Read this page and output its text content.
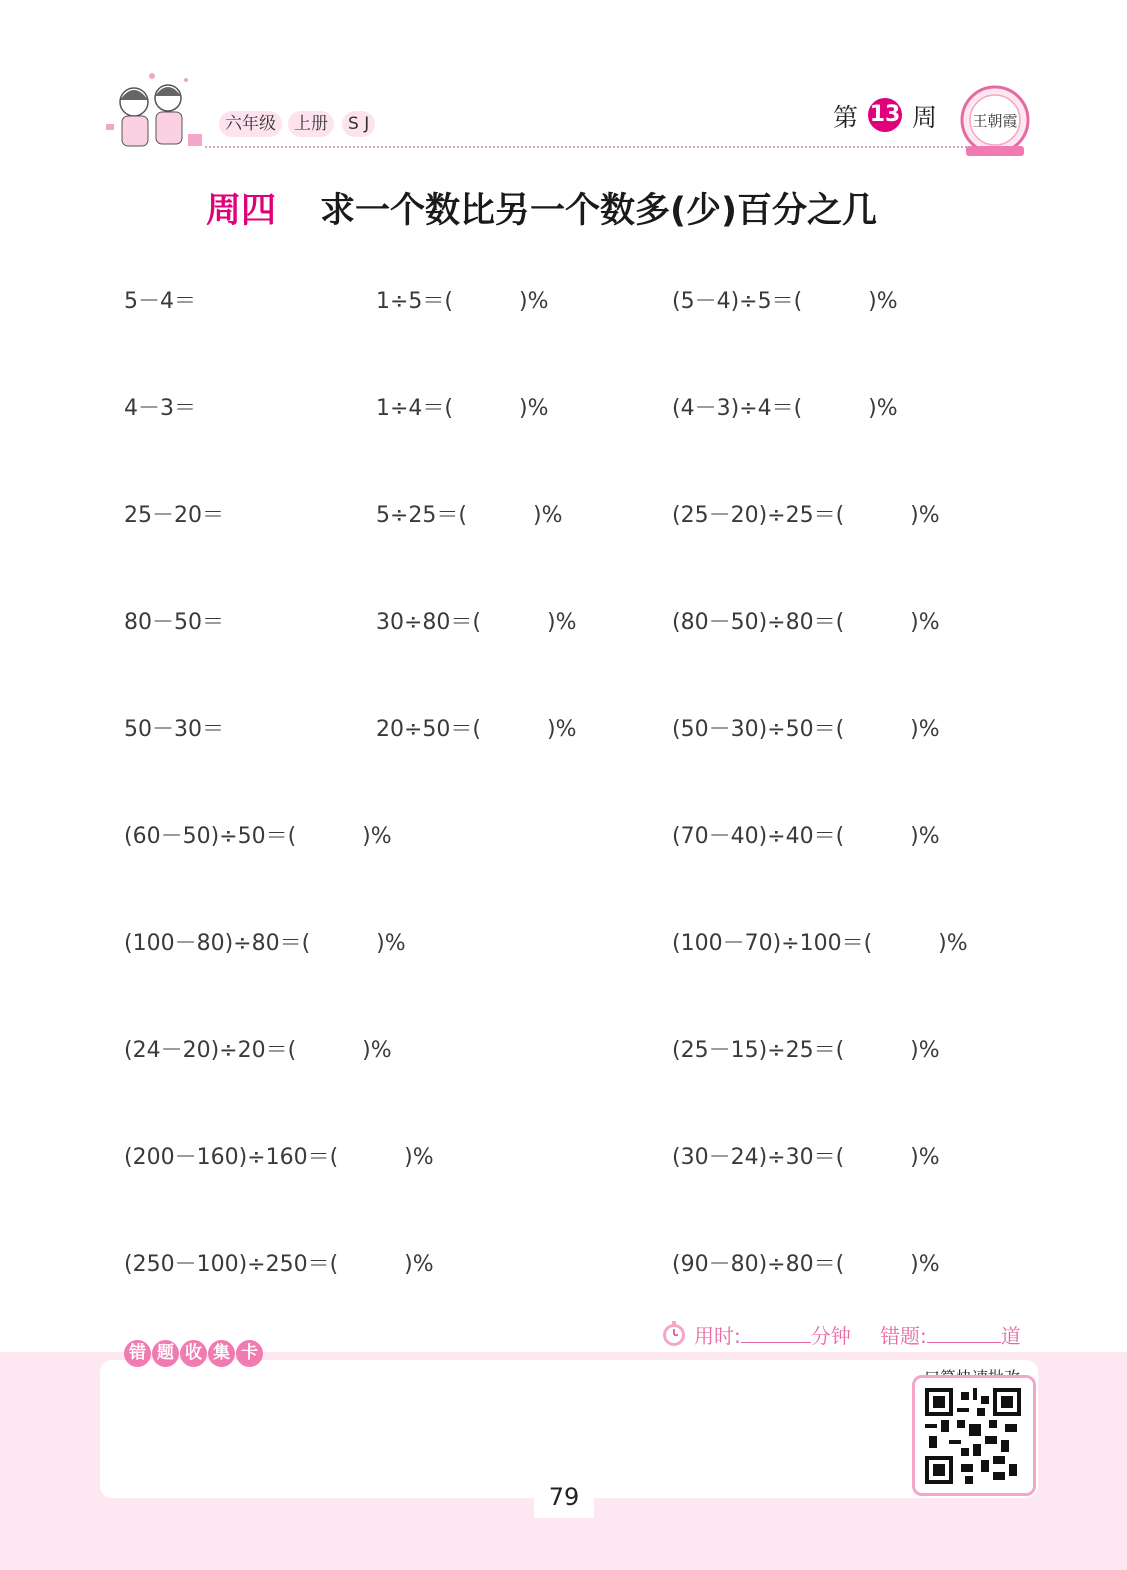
六年级	上册	S J	第 13 周 王朝霞
周四 求一个数比另一个数多(少)百分之几
5－4＝	1÷5＝(　　　)%	(5－4)÷5＝(　　　)%
4－3＝	1÷4＝(　　　)%	(4－3)÷4＝(　　　)%
25－20＝	5÷25＝(　　　)%	(25－20)÷25＝(　　　)%
80－50＝	30÷80＝(　　　)%	(80－50)÷80＝(　　　)%
50－30＝	20÷50＝(　　　)%	(50－30)÷50＝(　　　)%
(60－50)÷50＝(　　　)%	(70－40)÷40＝(　　　)%
(100－80)÷80＝(　　　)%	(100－70)÷100＝(　　　)%
(24－20)÷20＝(　　　)%	(25－15)÷25＝(　　　)%
(200－160)÷160＝(　　　)%	(30－24)÷30＝(　　　)%
(250－100)÷250＝(　　　)%	(90－80)÷80＝(　　　)%
用时:	分钟 错题:	道
错 题 收 集 卡
79
